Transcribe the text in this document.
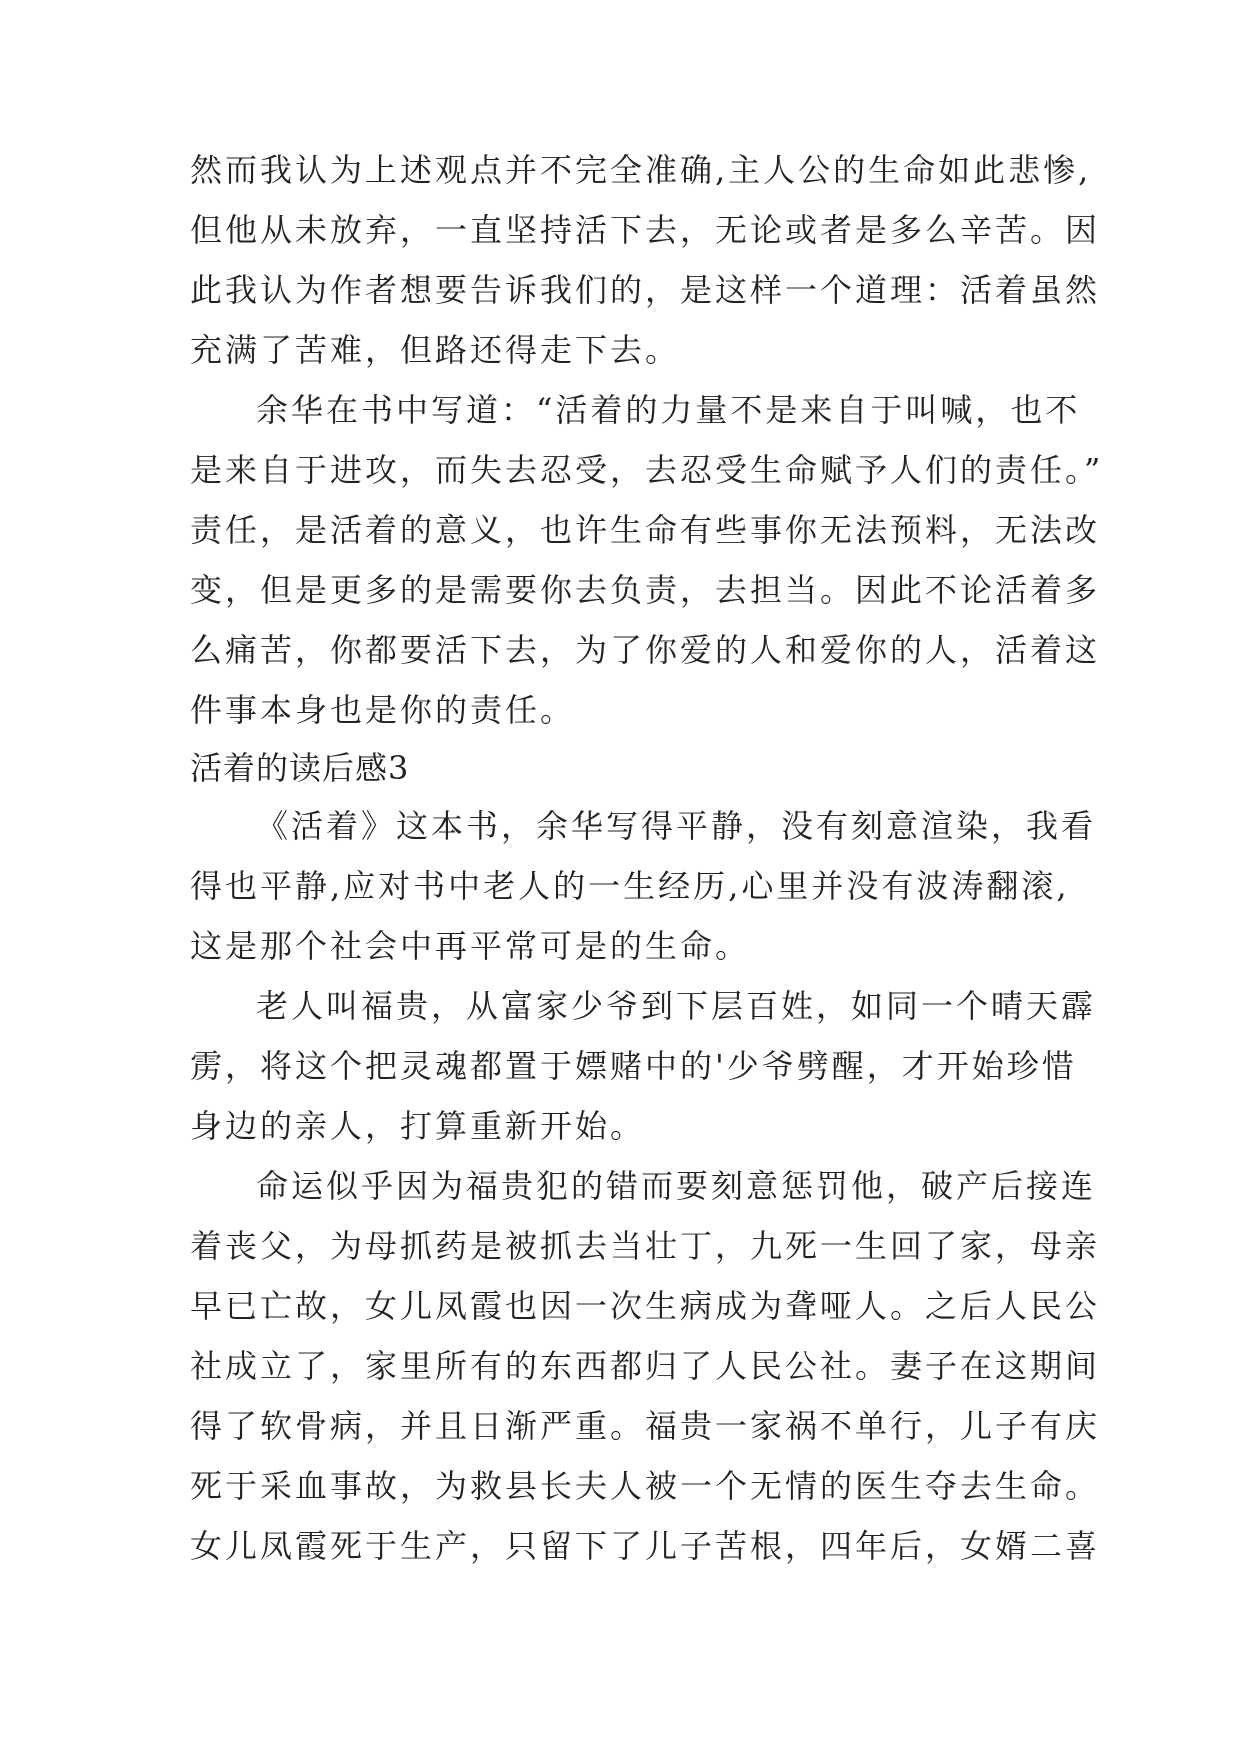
然而我认为上述观点并不完全准确,主人公的生命如此悲惨,
但他从未放弃，一直坚持活下去，无论或者是多么辛苦。因
此我认为作者想要告诉我们的，是这样一个道理：活着虽然
充满了苦难，但路还得走下去。
余华在书中写道：“活着的力量不是来自于叫喊，也不
是来自于进攻，而失去忍受，去忍受生命赋予人们的责任。”
责任，是活着的意义，也许生命有些事你无法预料，无法改
变，但是更多的是需要你去负责，去担当。因此不论活着多
么痛苦，你都要活下去，为了你爱的人和爱你的人，活着这
件事本身也是你的责任。
活着的读后感3
《活着》这本书，余华写得平静，没有刻意渲染，我看
得也平静,应对书中老人的一生经历,心里并没有波涛翻滚,
这是那个社会中再平常可是的生命。
老人叫福贵，从富家少爷到下层百姓，如同一个晴天霹
雳，将这个把灵魂都置于嫖赌中的'少爷劈醒，才开始珍惜
身边的亲人，打算重新开始。
命运似乎因为福贵犯的错而要刻意惩罚他，破产后接连
着丧父，为母抓药是被抓去当壮丁，九死一生回了家，母亲
早已亡故，女儿凤霞也因一次生病成为聋哑人。之后人民公
社成立了，家里所有的东西都归了人民公社。妻子在这期间
得了软骨病，并且日渐严重。福贵一家祸不单行，儿子有庆
死于采血事故，为救县长夫人被一个无情的医生夺去生命。
女儿凤霞死于生产，只留下了儿子苦根，四年后，女婿二喜
